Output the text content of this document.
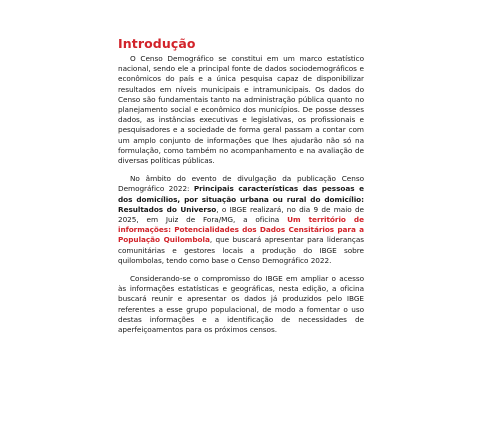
Introdução

O Censo Demográfico se constitui em um marco estatístico nacional, sendo ele a principal fonte de dados sociodemográficos e econômicos do país e a única pesquisa capaz de disponibilizar resultados em níveis municipais e intramunicipais. Os dados do Censo são fundamentais tanto na administração pública quanto no planejamento social e econômico dos municípios. De posse desses dados, as instâncias executivas e legislativas, os profissionais e pesquisadores e a sociedade de forma geral passam a contar com um amplo conjunto de informações que lhes ajudarão não só na formulação, como também no acompanhamento e na avaliação de diversas políticas públicas.

No âmbito do evento de divulgação da publicação Censo Demográfico 2022: Principais características das pessoas e dos domicílios, por situação urbana ou rural do domicílio: Resultados do Universo, o IBGE realizará, no dia 9 de maio de 2025, em Juiz de Fora/MG, a oficina Um território de informações: Potencialidades dos Dados Censitários para a População Quilombola, que buscará apresentar para lideranças comunitárias e gestores locais a produção do IBGE sobre quilombolas, tendo como base o Censo Demográfico 2022.

Considerando-se o compromisso do IBGE em ampliar o acesso às informações estatísticas e geográficas, nesta edição, a oficina buscará reunir e apresentar os dados já produzidos pelo IBGE referentes a esse grupo populacional, de modo a fomentar o uso destas informações e a identificação de necessidades de aperfeiçoamentos para os próximos censos.
